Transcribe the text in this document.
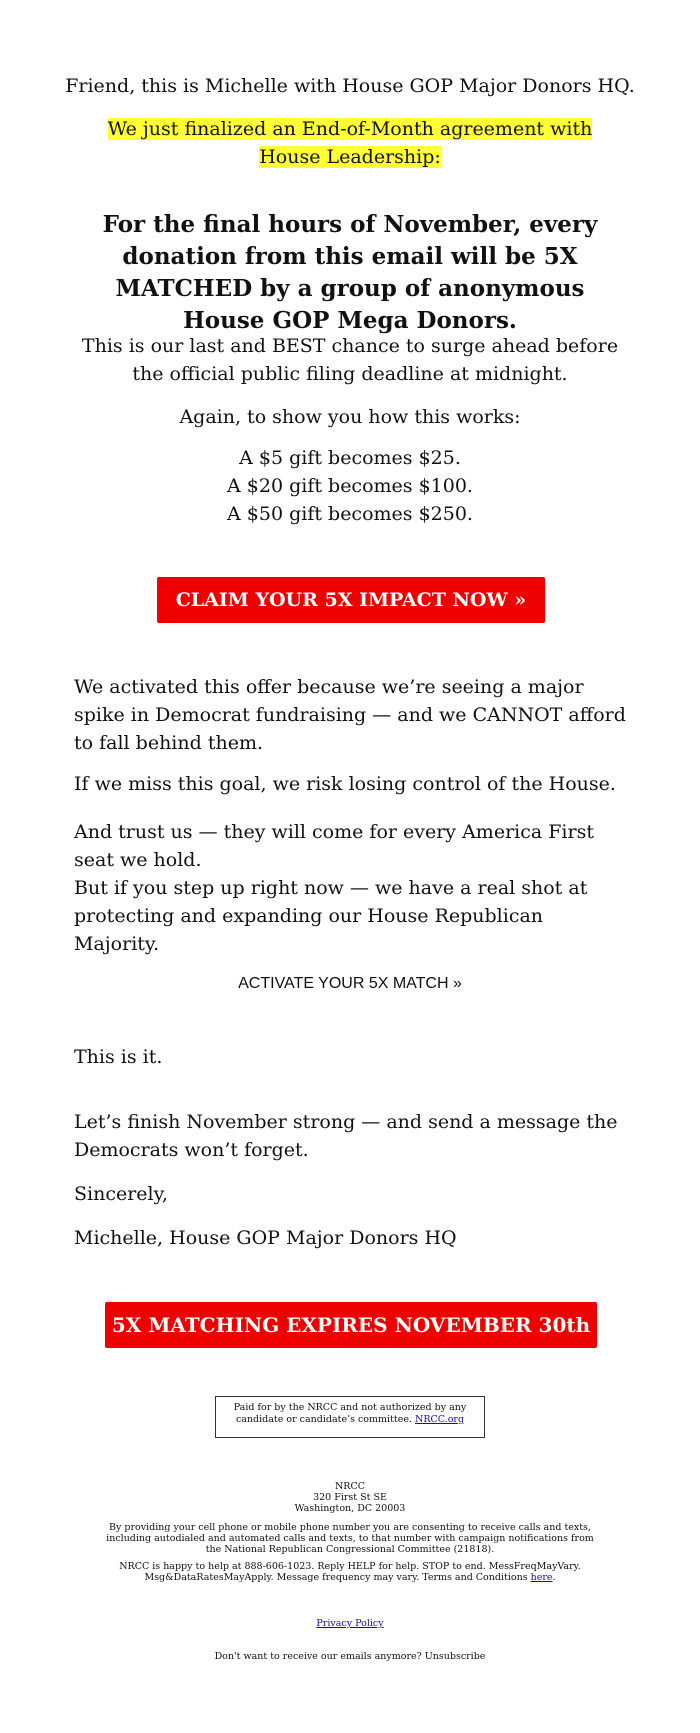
Friend, this is Michelle with House GOP Major Donors HQ.

We just finalized an End-of-Month agreement with House Leadership:

For the final hours of November, every donation from this email will be 5X MATCHED by a group of anonymous House GOP Mega Donors.

This is our last and BEST chance to surge ahead before the official public filing deadline at midnight.

Again, to show you how this works:

A $5 gift becomes $25.
A $20 gift becomes $100.
A $50 gift becomes $250.
CLAIM YOUR 5X IMPACT NOW »

We activated this offer because we’re seeing a major spike in Democrat fundraising — and we CANNOT afford to fall behind them.

If we miss this goal, we risk losing control of the House.

And trust us — they will come for every America First seat we hold.

But if you step up right now — we have a real shot at protecting and expanding our House Republican Majority.

ACTIVATE YOUR 5X MATCH »

This is it.

Let’s finish November strong — and send a message the Democrats won’t forget.

Sincerely,

Michelle, House GOP Major Donors HQ

5X MATCHING EXPIRES NOVEMBER 30th
Paid for by the NRCC and not authorized by any candidate or candidate’s committee. NRCC.org
NRCC
320 First St SE
Washington, DC 20003
By providing your cell phone or mobile phone number you are consenting to receive calls and texts, including autodialed and automated calls and texts, to that number with campaign notifications from the National Republican Congressional Committee (21818).
NRCC is happy to help at 888-606-1023. Reply HELP for help. STOP to end. MessFreqMayVary. Msg&DataRatesMayApply. Message frequency may vary. Terms and Conditions here.
Privacy Policy
Don't want to receive our emails anymore? Unsubscribe
